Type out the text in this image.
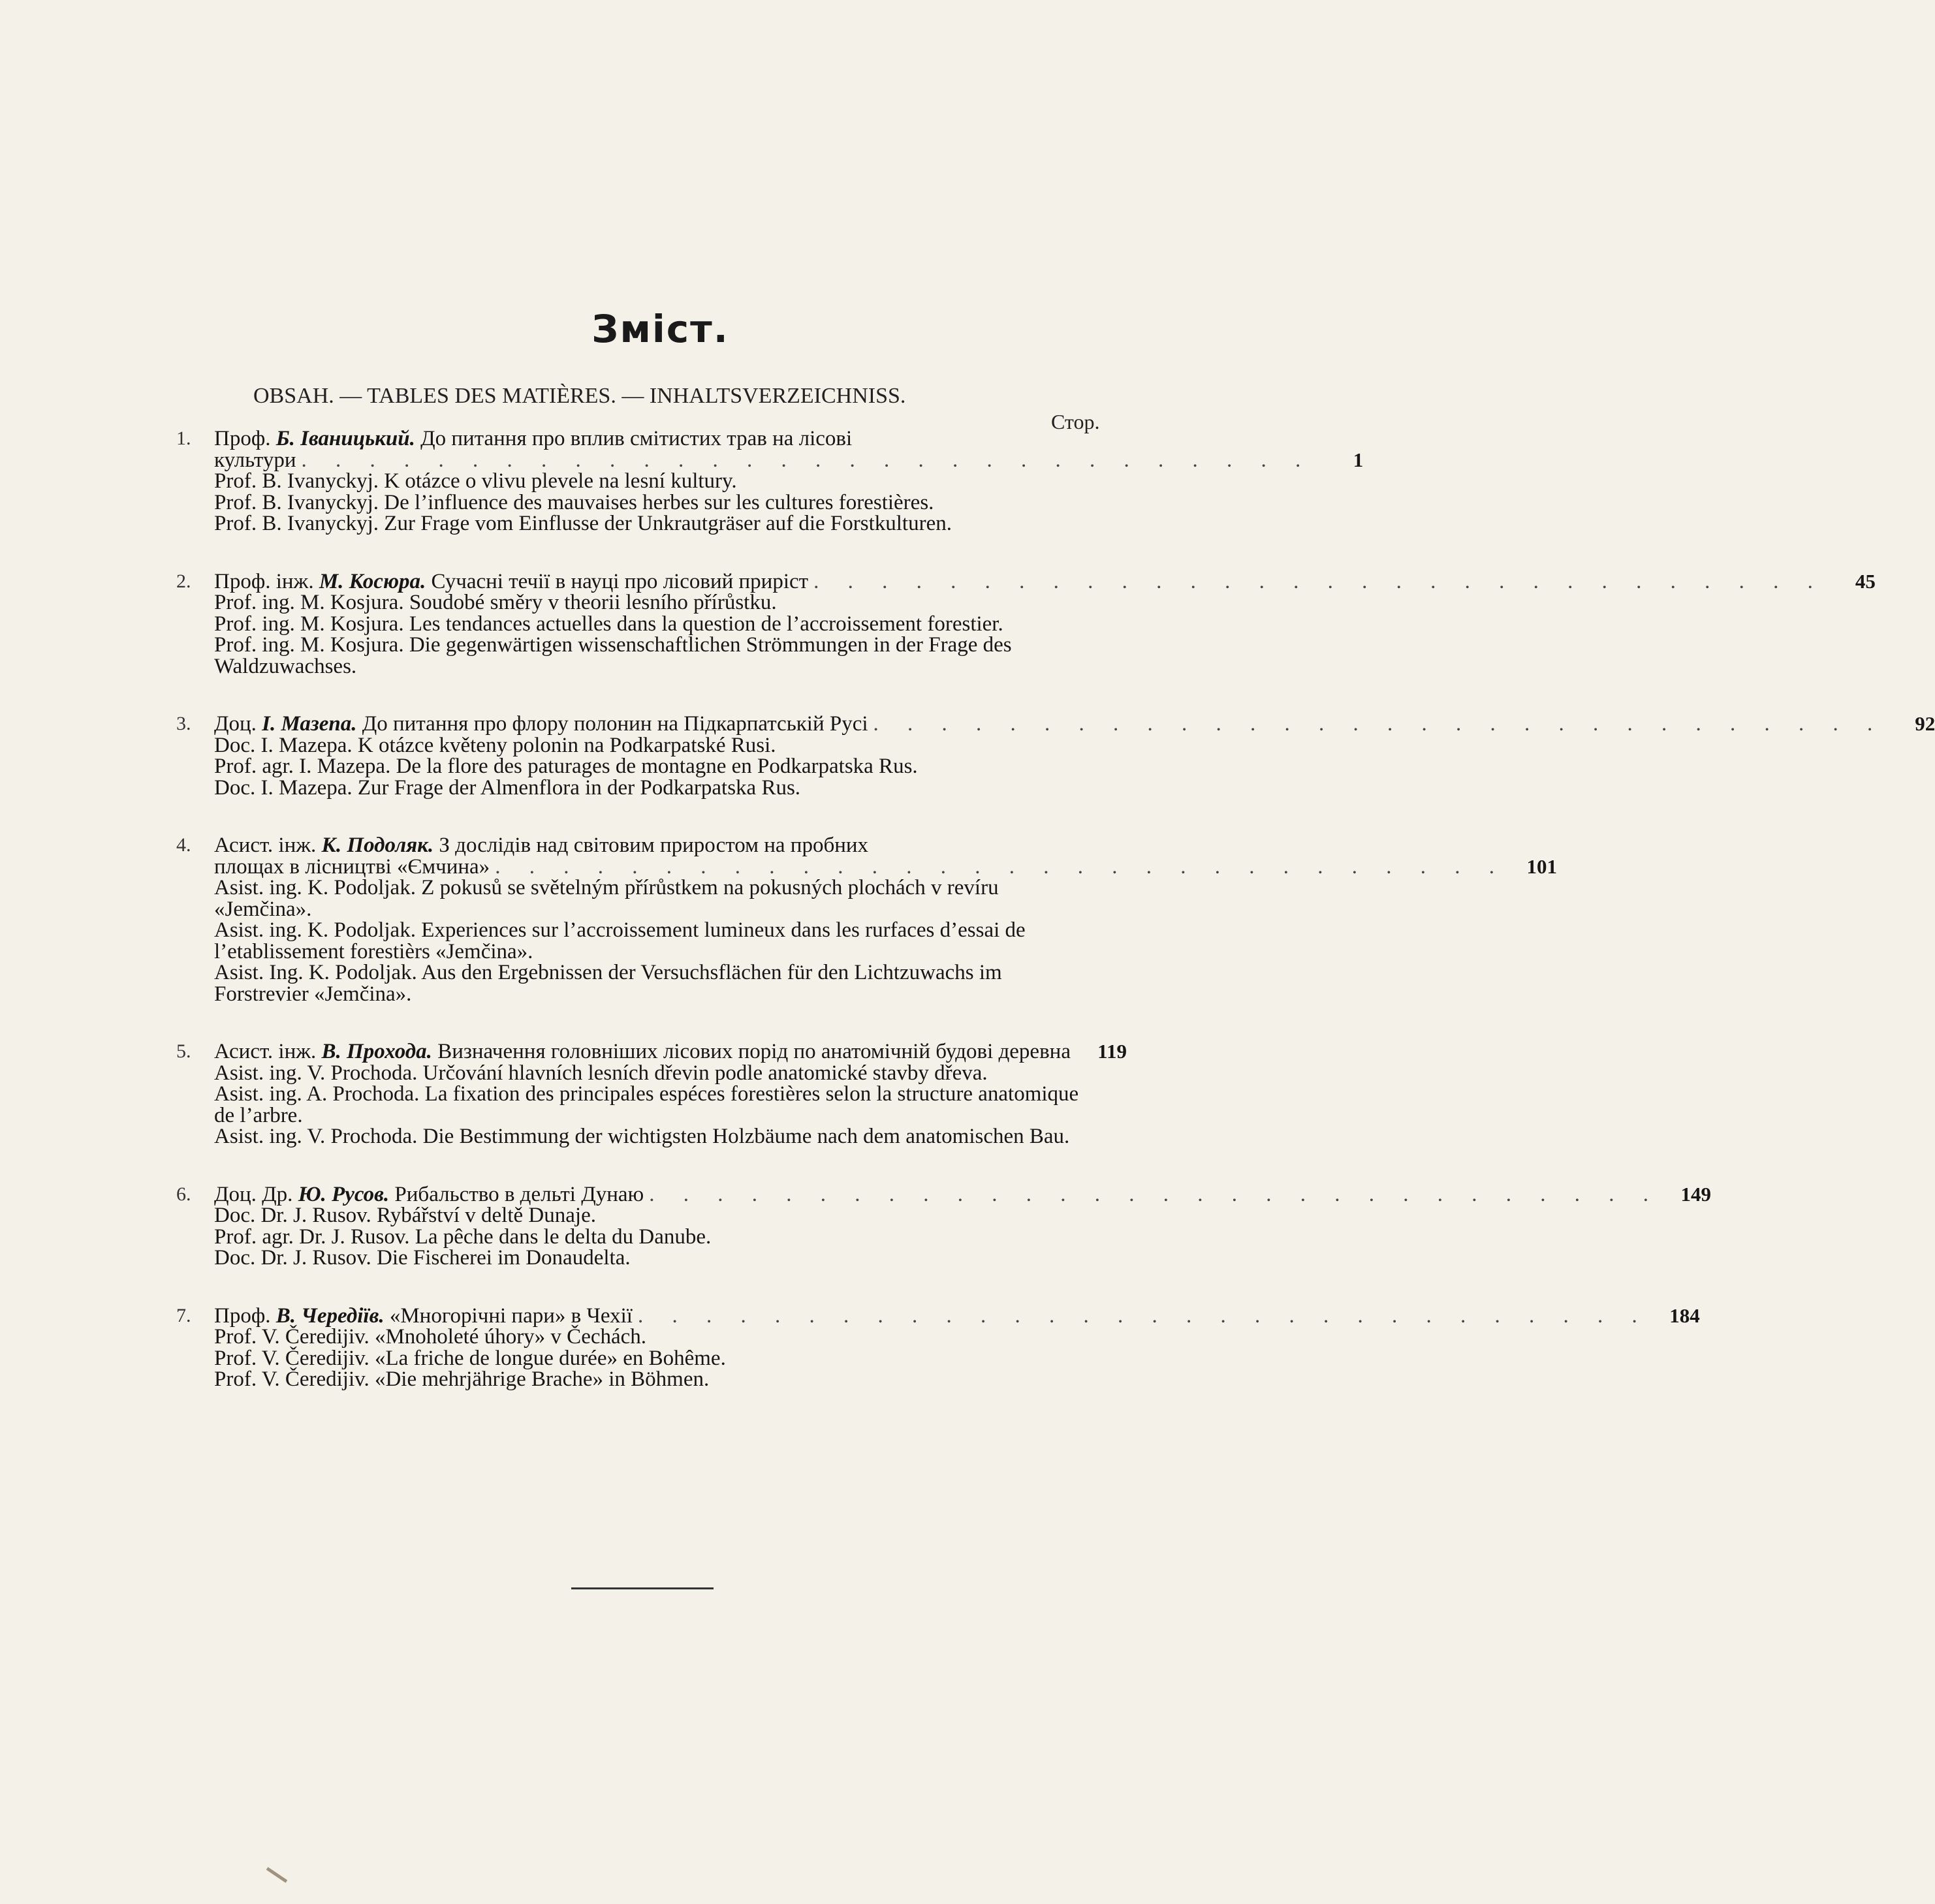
Зміст.
OBSAH. — TABLES DES MATIÈRES. — INHALTSVERZEICHNISS.
Стор.
1.	Проф. Б. Іваницький. До питання про вплив смітистих трав на лісові
культури . . . . . . . . . . . . . . . . . . . . . . . . . . . . . .	1
Prof. B. Ivanyckyj. K otázce o vlivu plevele na lesní kultury.
Prof. B. Ivanyckyj. De l’influence des mauvaises herbes sur les cultures forestières.
Prof. B. Ivanyckyj. Zur Frage vom Einflusse der Unkrautgräser auf die Forstkulturen.
2.	Проф. інж. М. Косюра. Сучасні течії в науці про лісовий приріст . . . . . . . . . . . . . . . . . . . . . . . . . . . . . .	45
Prof. ing. M. Kosjura. Soudobé směry v theorii lesního přírůstku.
Prof. ing. M. Kosjura. Les tendances actuelles dans la question de l’accroissement forestier.
Prof. ing. M. Kosjura. Die gegenwärtigen wissenschaftlichen Strömmungen in der Frage des Waldzuwachses.
3.	Доц. І. Мазепа. До питання про флору полонин на Підкарпатській Русі . . . . . . . . . . . . . . . . . . . . . . . . . . . . . .	92
Doc. I. Mazepa. K otázce květeny polonin na Podkarpatské Rusi.
Prof. agr. I. Mazepa. De la flore des paturages de montagne en Podkarpatska Rus.
Doc. I. Mazepa. Zur Frage der Almenflora in der Podkarpatska Rus.
4.	Асист. інж. К. Подоляк. З дослідів над світовим приростом на пробних
площах в лісництві «Ємчина» . . . . . . . . . . . . . . . . . . . . . . . . . . . . . .	101
Asist. ing. K. Podoljak. Z pokusů se světelným přírůstkem na pokusných plochách v revíru «Jemčina».
Asist. ing. K. Podoljak. Experiences sur l’accroissement lumineux dans les rurfaces d’essai de l’etablissement forestièrs «Jemčina».
Asist. Ing. K. Podoljak. Aus den Ergebnissen der Versuchsflächen für den Lichtzuwachs im Forstrevier «Jemčina».
5.	Асист. інж. В. Прохода. Визначення головніших лісових порід по анатомічній будові деревна	119
Asist. ing. V. Prochoda. Určování hlavních lesních dřevin podle anatomické stavby dřeva.
Asist. ing. A. Prochoda. La fixation des principales espéces forestières selon la structure anatomique de l’arbre.
Asist. ing. V. Prochoda. Die Bestimmung der wichtigsten Holzbäume nach dem anatomischen Bau.
6.	Доц. Др. Ю. Русов. Рибальство в дельті Дунаю . . . . . . . . . . . . . . . . . . . . . . . . . . . . . .	149
Doc. Dr. J. Rusov. Rybářství v deltě Dunaje.
Prof. agr. Dr. J. Rusov. La pêche dans le delta du Danube.
Doc. Dr. J. Rusov. Die Fischerei im Donaudelta.
7.	Проф. В. Чередіїв. «Многорічні пари» в Чехії . . . . . . . . . . . . . . . . . . . . . . . . . . . . . .	184
Prof. V. Čeredijiv. «Mnoholeté úhory» v Čechách.
Prof. V. Čeredijiv. «La friche de longue durée» en Bohême.
Prof. V. Čeredijiv. «Die mehrjährige Brache» in Böhmen.
